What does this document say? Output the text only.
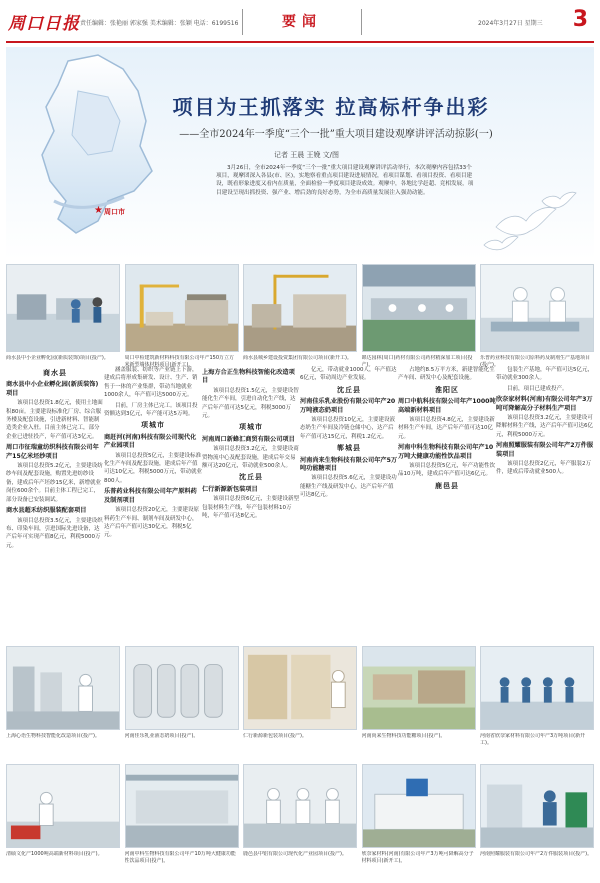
周口日报 责任编辑：张艳丽 郭家强 美术编辑：张颖 电话：6199516	要闻	2024年3月27日 星期三 3
★ 周口市
项目为王抓落实 拉高标杆争出彩
——全市2024年一季度“三个一批”重大项目建设观摩讲评活动掠影(一)
记者 王晨 王娩 文/图
3月26日，全市2024年一季度“三个一批”重大项目建设观摩讲评活动举行，本次观摩内容包括33个项目，观摩团深入各县(市、区)，实地察看重点项目建设进展情况，看项目谋划、看项目投资、看项目建设，既看形象进度又看内在质量，全面检验一季度项目建设成效。观摩中，各地比学赶超、竞相发展，项目建设呈现出抓投资、强产业、增后劲的良好态势，为全市高质量发展注入强劲动能。
商水县中小企业孵化园(新质装饰)项目(投产)。	周口中检建筑新材料科技有限公司年产150万立方米新型墙体材料项目(新开工)。
商水县城乡建设投资集团有限公司项目(新开工)。	锦达园林(周口)药材有限公司药材精深加工项目(投产)。
乐普药业科技有限公司原料药及制剂生产基地项目(投产)。
商水县
商水县中小企业孵化园(新质装饰)项目

该项目总投资1.8亿元，使用土地面积80亩。主要建设标准化厂房、综合服务楼及配套设施，引进新材料、智能制造类企业入驻。目前主体已完工，部分企业已进驻投产，年产值可达3亿元。

周口市征瑞童纺织科技有限公司年产15亿米坯纱项目

该项目总投资5.2亿元，主要建设纺纱车间及配套设施，购置先进纺纱设备，建成后年产坯纱15亿米，新增就业岗位600余个。目前主体工程已完工，部分设备已安装调试。

商水县超禾纺织服装配套项目

该项目总投资3.5亿元，主要建设织布、印染车间，引进国际先进设备，达产后年可实现产值8亿元，利税5000万元。

涵盖服装、纺织等产业链上下游，建成后将形成集研发、设计、生产、销售于一体的产业集群，带动当地就业1000余人，年产值可达5000万元。

目前，厂房主体已完工。该项目投资额达到3亿元，年产能可达5万吨。

项城市
商赶河(河南)科技有限公司现代化产业园项目

该项目总投资5亿元，主要建设标准化生产车间及配套设施，建成后年产值可达10亿元，利税5000万元，带动就业800人。

乐普药业科技有限公司年产原料药及制剂项目

该项目总投资20亿元，主要建设原料药生产车间、制剂车间及研发中心，达产后年产值可达30亿元，利税5亿元。

上海方合正生物科技智能化改造项目

该项目总投资1.5亿元，主要建设智能化生产车间，引进自动化生产线，达产后年产值可达5亿元，利税3000万元。

项城市
河南周口新蜂汇商贸有限公司项目

该项目总投资3.2亿元，主要建设商贸物流中心及配套设施，建成后年交易额可达20亿元，带动就业500余人。

沈丘县
仁行新源新包装项目

该项目总投资6亿元，主要建设新型包装材料生产线，年产包装材料10万吨，年产值可达8亿元。

亿元，带动就业1000人，年产值达6亿元，带动周边产业发展。

沈丘县
河南佳乐乳业股份有限公司年产20万吨液态奶项目

该项目总投资10亿元，主要建设液态奶生产车间及冷链仓储中心，达产后年产值可达15亿元，利税1.2亿元。

郸城县
河南尚来生物科技有限公司年产5万吨功能糖项目

该项目总投资5.6亿元，主要建设功能糖生产线及研发中心，达产后年产值可达8亿元。

占地约8.5万平方米，新建智能化生产车间、研发中心及配套设施。

淮阳区
周口中航科技有限公司年产1000吨高端新材料项目

该项目总投资4.8亿元，主要建设新材料生产车间，达产后年产值可达10亿元。

河南中科生物科技有限公司年产10万吨大健康功能性饮品项目

该项目总投资5亿元，年产功能性饮品10万吨，建成后年产值可达6亿元。

鹿邑县

包装生产基地，年产值可达5亿元，带动就业300余人。

目前，项目已建成投产。

欣奈家材料(河南)有限公司年产3万吨可降解高分子材料生产项目

该项目总投资3.2亿元，主要建设可降解材料生产线，达产后年产值可达6亿元，利税5000万元。

河南照耀服装有限公司年产2万件服装项目

该项目总投资2亿元，年产服装2万件，建成后带动就业500人。

上海心语生物科技智能化改造项目(投产)。	河南佳乐乳业液态奶项目(投产)。	仁行新源新包装项目(投产)。	河南尚来生物科技功能糖项目(投产)。	河南省欣奈家材料有限公司年产3万吨项目(新开工)。
清硕文化产1000吨高端新材料项目(投产)。	河南中科生物科技有限公司年产10万吨大健康功能性饮品项目(投产)。
鹿邑县中铝有限公司现代化产业园项目(投产)。	欣奈家材料(河南)有限公司年产3万吨可降解高分子材料项目(新开工)。
河南照耀服装有限公司年产2万件服装项目(投产)。
